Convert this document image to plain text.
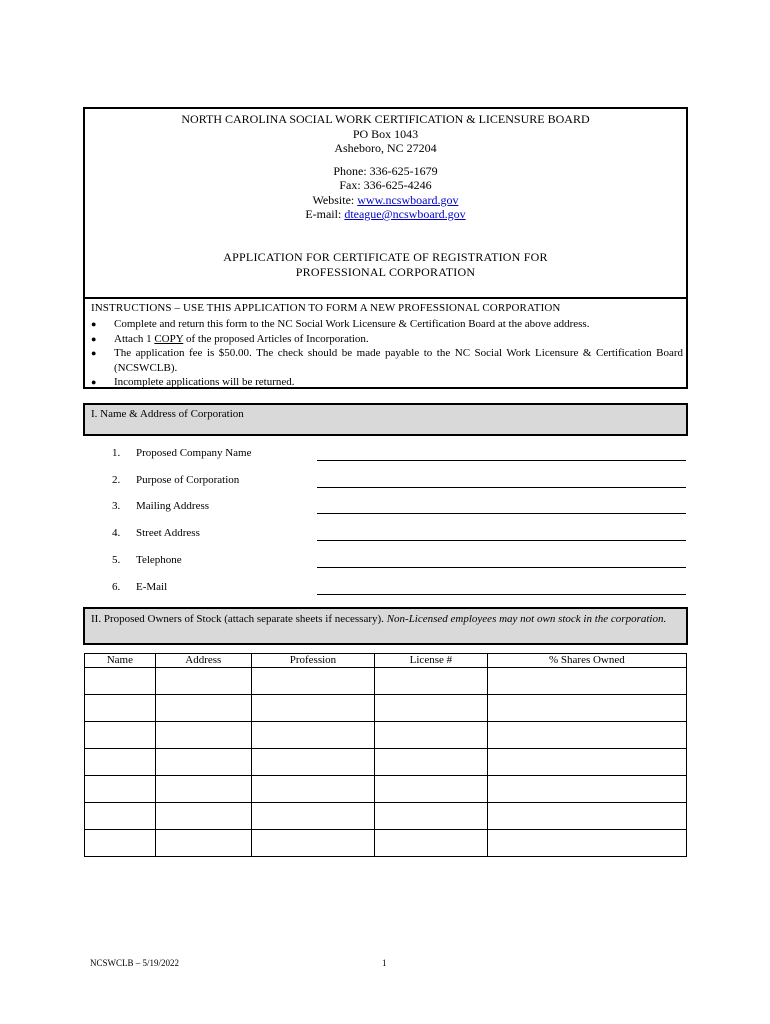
NORTH CAROLINA SOCIAL WORK CERTIFICATION & LICENSURE BOARD
PO Box 1043
Asheboro, NC 27204
Phone: 336-625-1679
Fax: 336-625-4246
Website: www.ncswboard.gov
E-mail: dteague@ncswboard.gov
APPLICATION FOR CERTIFICATE OF REGISTRATION FOR
PROFESSIONAL CORPORATION
INSTRUCTIONS – USE THIS APPLICATION TO FORM A NEW PROFESSIONAL CORPORATION
● Complete and return this form to the NC Social Work Licensure & Certification Board at the above address.
● Attach 1 COPY of the proposed Articles of Incorporation.
● The application fee is $50.00. The check should be made payable to the NC Social Work Licensure & Certification Board (NCSWCLB).
● Incomplete applications will be returned.
I. Name & Address of Corporation
1.	Proposed Company Name
2.	Purpose of Corporation
3.	Mailing Address
4.	Street Address
5.	Telephone
6.	E-Mail
II. Proposed Owners of Stock (attach separate sheets if necessary). Non-Licensed employees may not own stock in the corporation.
Name	Address	Profession	License #	% Shares Owned

NCSWCLB – 5/19/2022	1
